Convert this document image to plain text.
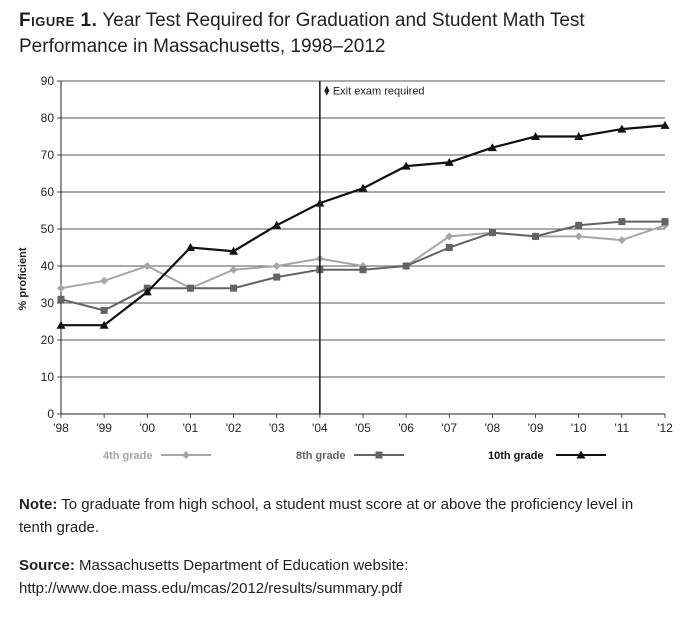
Figure 1. Year Test Required for Graduation and Student Math Test
Performance in Massachusetts, 1998–2012
0
10
20
30
40
50
60
70
80
90
'98 '99 '00 '01 '02 '03 '04 '05 '06 '07 '08 '09 '10 '11 '12
Exit exam required
4th grade	8th grade	10th grade
% proficient
Note: To graduate from high school, a student must score at or above the proficiency level in tenth grade.
Source: Massachusetts Department of Education website: http://www.doe.mass.edu/mcas/2012/results/summary.pdf
